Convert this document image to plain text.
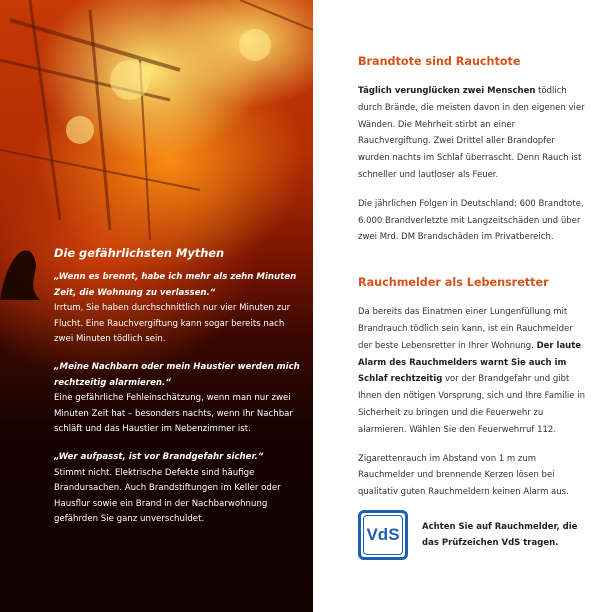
Die gefährlichsten Mythen
„Wenn es brennt, habe ich mehr als zehn Minuten Zeit, die Wohnung zu verlassen.“
Irrtum, Sie haben durchschnittlich nur vier Minuten zur Flucht. Eine Rauchvergiftung kann sogar bereits nach zwei Minuten tödlich sein.
„Meine Nachbarn oder mein Haustier werden mich rechtzeitig alarmieren.“
Eine gefährliche Fehleinschätzung, wenn man nur zwei Minuten Zeit hat – besonders nachts, wenn Ihr Nachbar schläft und das Haustier im Nebenzimmer ist.
„Wer aufpasst, ist vor Brandgefahr sicher.“
Stimmt nicht. Elektrische Defekte sind häufige Brandursachen. Auch Brandstiftungen im Keller oder Hausflur sowie ein Brand in der Nachbarwohnung gefährden Sie ganz unverschuldet.
Brandtote sind Rauchtote

Täglich verunglücken zwei Menschen tödlich durch Brände, die meisten davon in den eigenen vier Wänden. Die Mehrheit stirbt an einer Rauchvergiftung. Zwei Drittel aller Brandopfer wurden nachts im Schlaf überrascht. Denn Rauch ist schneller und lautloser als Feuer.

Die jährlichen Folgen in Deutschland: 600 Brandtote, 6.000 Brandverletzte mit Langzeitschäden und über zwei Mrd. DM Brandschäden im Privatbereich.

Rauchmelder als Lebensretter

Da bereits das Einatmen einer Lungenfüllung mit Brandrauch tödlich sein kann, ist ein Rauchmelder der beste Lebensretter in Ihrer Wohnung. Der laute Alarm des Rauchmelders warnt Sie auch im Schlaf rechtzeitig vor der Brandgefahr und gibt Ihnen den nötigen Vorsprung, sich und Ihre Familie in Sicherheit zu bringen und die Feuerwehr zu alarmieren. Wählen Sie den Feuerwehrruf 112.

Zigarettenrauch im Abstand von 1 m zum Rauchmelder und brennende Kerzen lösen bei qualitativ guten Rauchmeldern keinen Alarm aus.

VdS	Achten Sie auf Rauchmelder, die das Prüfzeichen VdS tragen.
